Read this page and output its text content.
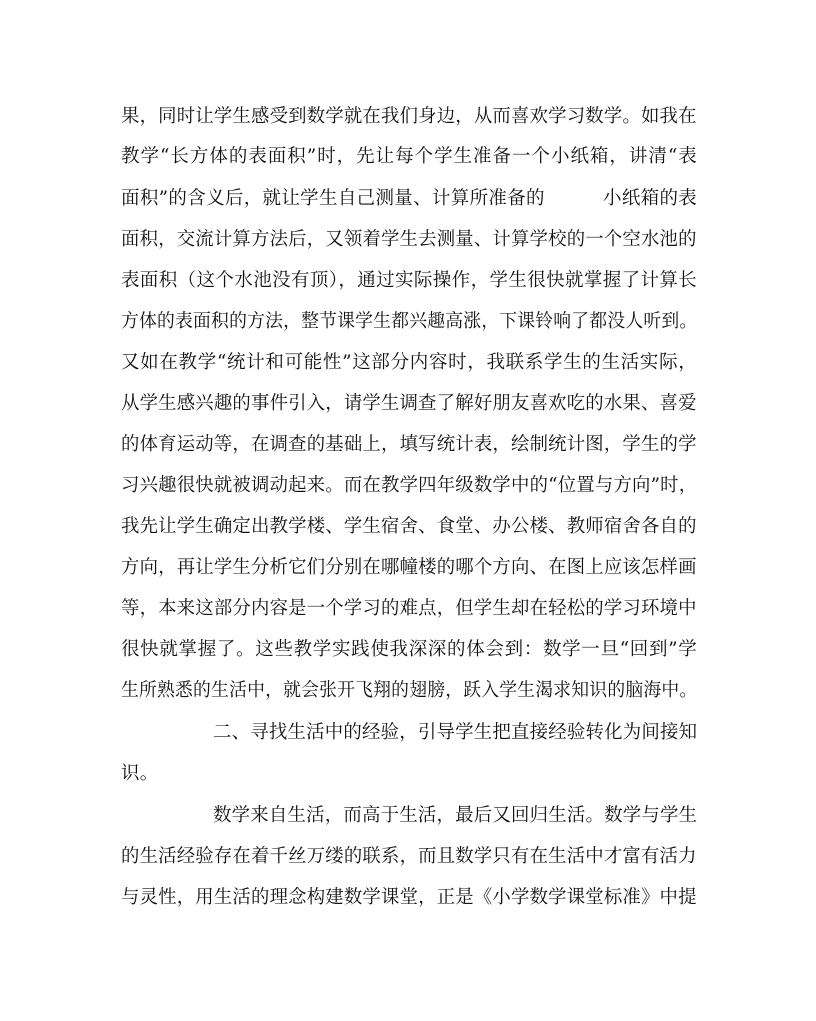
果，同时让学生感受到数学就在我们身边，从而喜欢学习数学。如我在
教学“长方体的表面积”时，先让每个学生准备一个小纸箱，讲清“表
面积”的含义后，就让学生自己测量、计算所准备的	小纸箱的表
面积，交流计算方法后，又领着学生去测量、计算学校的一个空水池的
表面积（这个水池没有顶），通过实际操作，学生很快就掌握了计算长
方体的表面积的方法，整节课学生都兴趣高涨，下课铃响了都没人听到。
又如在教学“统计和可能性”这部分内容时，我联系学生的生活实际，
从学生感兴趣的事件引入，请学生调查了解好朋友喜欢吃的水果、喜爱
的体育运动等，在调查的基础上，填写统计表，绘制统计图，学生的学
习兴趣很快就被调动起来。而在教学四年级数学中的“位置与方向”时，
我先让学生确定出教学楼、学生宿舍、食堂、办公楼、教师宿舍各自的
方向，再让学生分析它们分别在哪幢楼的哪个方向、在图上应该怎样画
等，本来这部分内容是一个学习的难点，但学生却在轻松的学习环境中
很快就掌握了。这些教学实践使我深深的体会到：数学一旦“回到”学
生所熟悉的生活中，就会张开飞翔的翅膀，跃入学生渴求知识的脑海中。
二、寻找生活中的经验，引导学生把直接经验转化为间接知
识。
数学来自生活，而高于生活，最后又回归生活。数学与学生
的生活经验存在着千丝万缕的联系，而且数学只有在生活中才富有活力
与灵性，用生活的理念构建数学课堂，正是《小学数学课堂标准》中提
